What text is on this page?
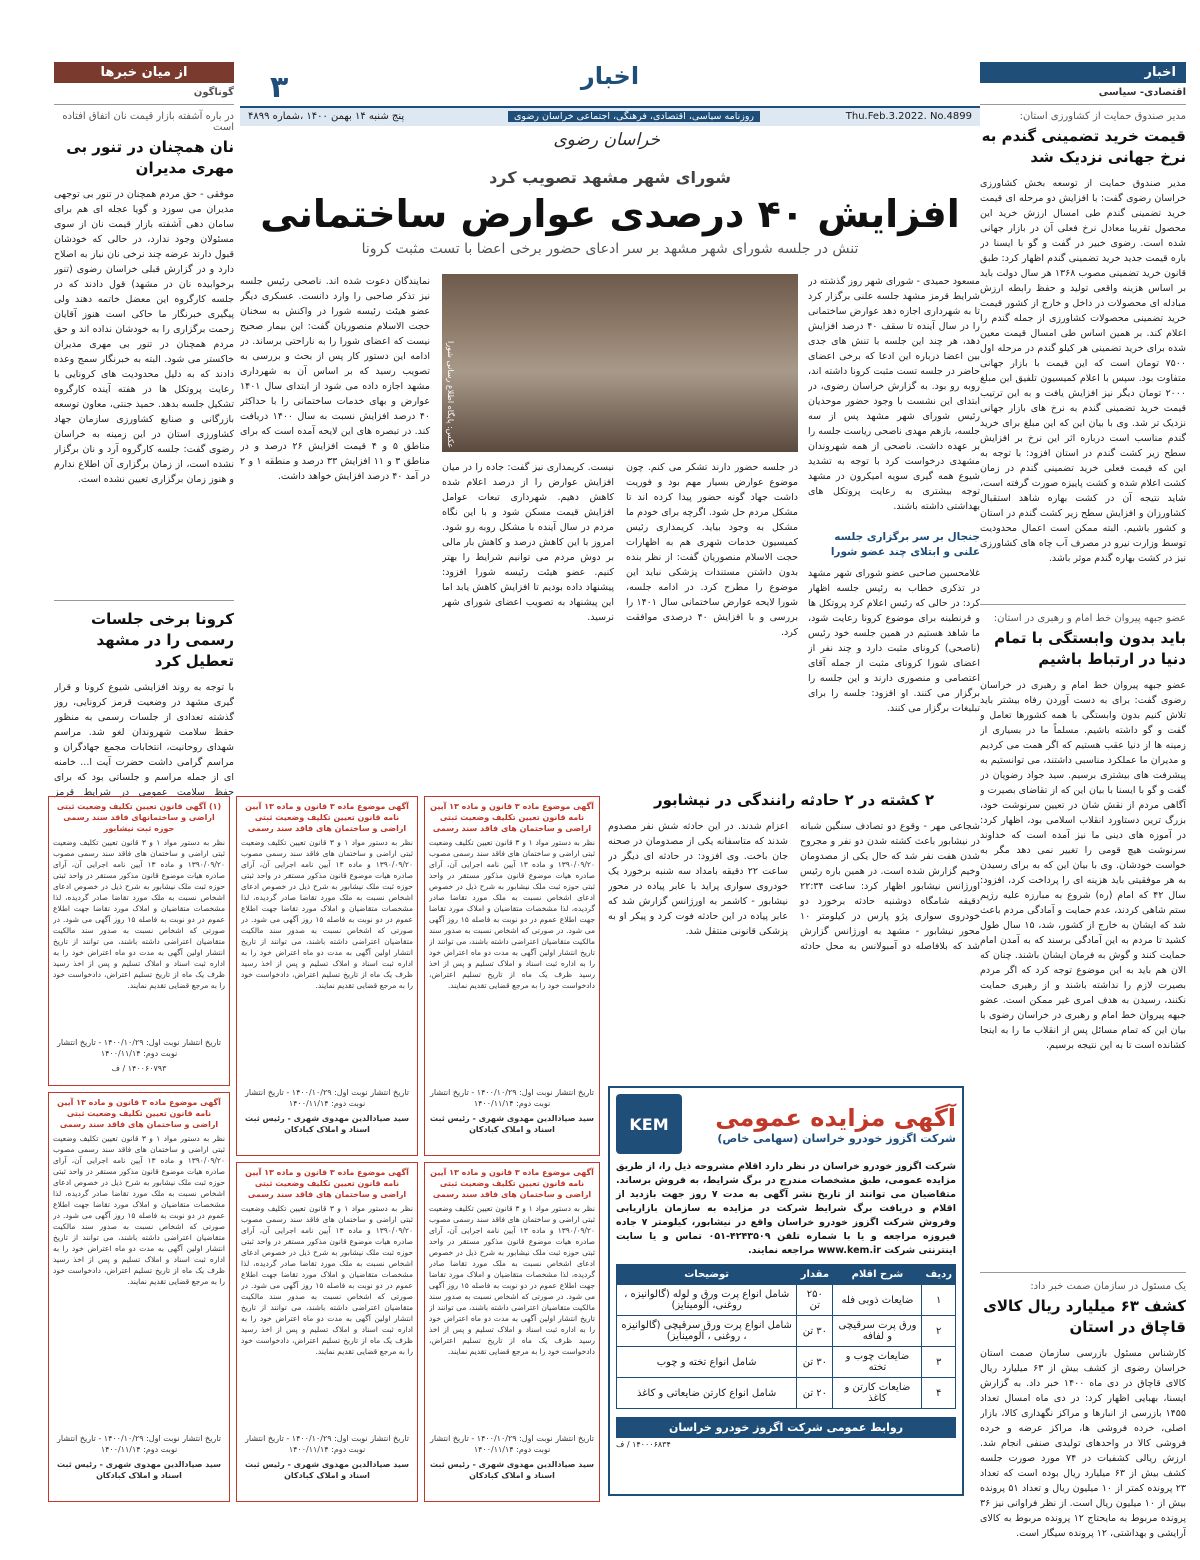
اخبار
۳
Thu.Feb.3.2022. No.4899
روزنامه سیاسی، اقتصادی، فرهنگی، اجتماعی خراسان رضوی
پنج شنبه ۱۴ بهمن ۱۴۰۰ ،شماره ۴۸۹۹
خراسان رضوی
اخبار
اقتصادی- سیاسی
مدیر صندوق حمایت از کشاورزی استان:
قیمت خرید تضمینی گندم به نرخ جهانی نزدیک شد
مدیر صندوق حمایت از توسعه بخش کشاورزی خراسان رضوی گفت: با افزایش دو مرحله ای قیمت خرید تضمینی گندم طی امسال ارزش خرید این محصول تقریبا معادل نرخ فعلی آن در بازار جهانی شده است. رضوی خبیر در گفت و گو با ایسنا در باره قیمت جدید خرید تضمینی گندم اظهار کرد: طبق قانون خرید تضمینی مصوب ۱۳۶۸ هر سال دولت باید بر اساس هزینه واقعی تولید و حفظ رابطه ارزش مبادله ای محصولات در داخل و خارج از کشور قیمت خرید تضمینی محصولات کشاورزی از جمله گندم را اعلام کند. بر همین اساس طی امسال قیمت معین شده برای خرید تضمینی هر کیلو گندم در مرحله اول ۷۵۰۰ تومان است که این قیمت با بازار جهانی متفاوت بود. سپس با اعلام کمیسیون تلفیق این مبلغ ۲۰۰۰ تومان دیگر نیز افزایش یافت و به این ترتیب قیمت خرید تضمینی گندم به نرخ های بازار جهانی نزدیک تر شد. وی با بیان این که این مبلغ برای خرید گندم مناسب است درباره اثر این نرخ بر افزایش سطح زیر کشت گندم در استان افزود: با توجه به این که قیمت فعلی خرید تضمینی گندم در زمان کشت اعلام شده و کشت پاییزه صورت گرفته است، شاید نتیجه آن در کشت بهاره شاهد استقبال کشاورزان و افزایش سطح زیر کشت گندم در استان و کشور باشیم. البته ممکن است اعمال محدودیت توسط وزارت نیرو در مصرف آب چاه های کشاورزی نیز در کشت بهاره گندم موثر باشد.
عضو جبهه پیروان خط امام و رهبری در استان:
باید بدون وابستگی با تمام دنیا در ارتباط باشیم
عضو جبهه پیروان خط امام و رهبری در خراسان رضوی گفت: برای به دست آوردن رفاه بیشتر باید تلاش کنیم بدون وابستگی با همه کشورها تعامل و گفت و گو داشته باشیم. مسلماً ما در بسیاری از زمینه ها از دنیا عقب هستیم که اگر همت می کردیم و مدیران ما عملکرد مناسبی داشتند، می توانستیم به پیشرفت های بیشتری برسیم. سید جواد رضویان در گفت و گو با ایسنا با بیان این که از تقاضای بصیرت و آگاهی مردم از نقش شان در تعیین سرنوشت خود، بزرگ ترین دستاورد انقلاب اسلامی بود، اظهار کرد: در آموزه های دینی ما نیز آمده است که خداوند سرنوشت هیچ قومی را تغییر نمی دهد مگر به خواست خودشان. وی با بیان این که به برای رسیدن به هر موفقیتی باید هزینه ای را پرداخت کرد، افزود: سال ۴۲ که امام (ره) شروع به مبارزه علیه رژیم ستم شاهی کردند، عدم حمایت و آمادگی مردم باعث شد که ایشان به خارج از کشور، شد، ۱۵ سال طول کشید تا مردم به این آمادگی برسند که به آمدن امام حمایت کنند و گوش به فرمان ایشان باشند. چنان که الان هم باید به این موضوع توجه کرد که اگر مردم بصیرت لازم را نداشته باشند و از رهبری حمایت نکنند، رسیدن به هدف امری غیر ممکن است. عضو جبهه پیروان خط امام و رهبری در خراسان رضوی با بیان این که تمام مسائل پس از انقلاب ما را به اینجا کشانده است تا به این نتیجه برسیم.
یک مسئول در سازمان صمت خبر داد:
کشف ۶۳ میلیارد ریال کالای قاچاق در استان
کارشناس مسئول بازرسی سازمان صمت استان خراسان رضوی از کشف بیش از ۶۳ میلیارد ریال کالای قاچاق در دی ماه ۱۴۰۰ خبر داد. به گزارش ایسنا، بهبایی اظهار کرد: در دی ماه امسال تعداد ۱۴۵۵ بازرسی از انبارها و مراکز نگهداری کالا، بازار اصلی، خرده فروشی ها، مراکز عرضه و خرده فروشی کالا در واحدهای تولیدی صنفی انجام شد. ارزش ریالی کشفیات در ۷۴ مورد صورت جلسه کشف بیش از ۶۳ میلیارد ریال بوده است که تعداد ۲۳ پرونده کمتر از ۱۰ میلیون ریال و تعداد ۵۱ پرونده بیش از ۱۰ میلیون ریال است. از نظر فراوانی نیز ۳۶ پرونده مربوط به مایحتاج ۱۲ پرونده مربوط به کالای آرایشی و بهداشتی، ۱۲ پرونده سیگار است.
از میان خبرها
گوناگون
در باره آشفته بازار قیمت نان اتفاق افتاده است
نان همچنان در تنور بی مهری مدیران
موفقی - حق مردم همچنان در تنور بی توجهی مدیران می سوزد و گویا عجله ای هم برای سامان دهی آشفته بازار قیمت نان از سوی مسئولان وجود ندارد، در حالی که خودشان قبول دارند عرضه چند نرخی نان نیاز به اصلاح دارد و در گزارش قبلی خراسان رضوی (تنور برخوابیده نان در مشهد) قول دادند که در جلسه کارگروه این معضل خاتمه دهند ولی پیگیری خبرنگار ما حاکی است هنوز آقایان زحمت برگزاری را به خودشان نداده اند و حق مردم همچنان در تنور بی مهری مدیران خاکستر می شود. البته به خبرنگار سمج وعده دادند که به دلیل محدودیت های کرونایی با رعایت پروتکل ها در هفته آینده کارگروه تشکیل جلسه بدهد. حمید جنتی، معاون توسعه بازرگانی و صنایع کشاورزی سازمان جهاد کشاورزی استان در این زمینه به خراسان رضوی گفت: جلسه کارگروه آرد و نان برگزار نشده است، از زمان برگزاری آن اطلاع ندارم و هنوز زمان برگزاری تعیین نشده است.
کرونا برخی جلسات رسمی را در مشهد تعطیل کرد
با توجه به روند افزایشی شیوع کرونا و قرار گیری مشهد در وضعیت قرمز کرونایی، روز گذشته تعدادی از جلسات رسمی به منظور حفظ سلامت شهروندان لغو شد. مراسم شهدای روحانیت، انتخابات مجمع جهادگران و مراسم گرامی داشت حضرت آیت ا... خامنه ای از جمله مراسم و جلساتی بود که برای حفظ سلامت عمومی در شرایط قرمز
شورای شهر مشهد تصویب کرد
افزایش ۴۰ درصدی عوارض ساختمانی
تنش در جلسه شورای شهر مشهد بر سر ادعای حضور برخی اعضا با تست مثبت کرونا
مسعود حمیدی - شورای شهر روز گذشته در شرایط قرمز مشهد جلسه علنی برگزار کرد تا به شهرداری اجازه دهد عوارض ساختمانی را در سال آینده تا سقف ۴۰ درصد افزایش دهد، هر چند این جلسه با تنش های جدی بین اعضا درباره این ادعا که برخی اعضای حاضر در جلسه تست مثبت کرونا داشته اند، روبه رو بود. به گزارش خراسان رضوی، در ابتدای این نشست با وجود حضور موحدیان رئیس شورای شهر مشهد پس از سه جلسه، بازهم مهدی ناصحی رياست جلسه را بر عهده داشت. ناصحی از همه شهروندان مشهدی درخواست کرد با توجه به تشدید شیوع همه گیری سویه امیکرون در مشهد توجه بیشتری به رعایت پروتکل های بهداشتی داشته باشند.
جنجال بر سر برگزاری جلسه علنی و ابتلای چند عضو شورا
غلامحسین صاحبی عضو شورای شهر مشهد در تذکری خطاب به رئیس جلسه اظهار کرد: در حالی که رئیس اعلام کرد پروتکل ها و قرنطینه برای موضوع کرونا رعایت شود، ما شاهد هستیم در همین جلسه خود رئیس (ناصحی) کرونای مثبت دارد و چند نفر از اعضای شورا کرونای مثبت از جمله آقای اعتصامی و منصوری دارند و این جلسه را برگزار می کنند. او افزود: جلسه را برای تبلیغات برگزار می کنند.
عکس: پایگاه اطلاع رسانی شورا
در جلسه حضور دارند تشکر می کنم. چون موضوع عوارض بسیار مهم بود و فوریت داشت جهاد گونه حضور پیدا کرده اند تا مشکل مردم حل شود. اگرچه برای خودم ما مشکل به وجود بیاید. کریمداری رئیس کمیسیون خدمات شهری هم به اظهارات حجت الاسلام منصوریان گفت: از نظر بنده بدون داشتن مستندات پزشکی نباید این موضوع را مطرح کرد. در ادامه جلسه، شورا لایحه عوارض ساختمانی سال ۱۴۰۱ را بررسی و با افزایش ۴۰ درصدی موافقت کرد.
نیست. کریمداری نیز گفت: جاده را در میان افزایش عوارض را از درصد اعلام شده کاهش دهیم. شهرداری تبعات عوامل افزایش قیمت مسکن شود و با این نگاه مردم در سال آینده با مشکل روبه رو شود. امروز با این کاهش درصد و کاهش بار مالی بر دوش مردم می توانیم شرایط را بهتر کنیم. عضو هیئت رئیسه شورا افزود: پیشنهاد داده بودیم تا افزایش کاهش یابد اما این پیشنهاد به تصویب اعضای شورای شهر نرسید.
نمایندگان دعوت شده اند. ناصحی رئیس جلسه نیز تذکر صاحبی را وارد دانست. عسکری دیگر عضو هیئت رئیسه شورا در واکنش به سخنان حجت الاسلام منصوریان گفت: این بیمار صحیح نیست که اعضای شورا را به ناراحتی برساند. در ادامه این دستور کار پس از بحث و بررسی به تصویب رسید که بر اساس آن به شهرداری مشهد اجازه داده می شود از ابتدای سال ۱۴۰۱ عوارض و بهای خدمات ساختمانی را با حداکثر ۴۰ درصد افزایش نسبت به سال ۱۴۰۰ دریافت کند. در تبصره های این لایحه آمده است که برای مناطق ۵ و ۴ قیمت افزایش ۲۶ درصد و در مناطق ۳ و ۱۱ افزایش ۳۳ درصد و منطقه ۱ و ۲ در آمد ۴۰ درصد افزایش خواهد داشت.
۲ کشته در ۲ حادثه رانندگی در نیشابور
شجاعی مهر - وقوع دو تصادف سنگین شبانه در نیشابور باعث کشته شدن دو نفر و مجروح شدن هفت نفر شد که حال یکی از مصدومان وخیم گزارش شده است. در همین باره رئیس اورژانس نیشابور اظهار کرد: ساعت ۲۲:۳۴ دقیقه شامگاه دوشنبه حادثه برخورد دو خودروی سواری پژو پارس در کیلومتر ۱۰ محور نیشابور - مشهد به اورژانس گزارش شد که بلافاصله دو آمبولانس به محل حادثه اعزام شدند. در این حادثه شش نفر مصدوم شدند که متاسفانه یکی از مصدومان در صحنه جان باخت. وی افزود: در حادثه ای دیگر در ساعت ۲۲ دقیقه بامداد سه شنبه برخورد یک خودروی سواری پراید با عابر پیاده در محور نیشابور - کاشمر به اورژانس گزارش شد که عابر پیاده در این حادثه فوت کرد و پیکر او به پزشکی قانونی منتقل شد.
آگهی مزایده عمومی
شرکت اگزوز خودرو خراسان (سهامی خاص)
KEM
شرکت اگزوز خودرو خراسان در نظر دارد اقلام مشروحه ذیل را، از طریق مزایده عمومی، طبق مشخصات مندرج در برگ شرایط، به فروش برساند. متقاضیان می توانند از تاریخ نشر آگهی به مدت ۷ روز جهت بازدید از اقلام و دریافت برگ شرایط شرکت در مزایده به سازمان بازاریابی وفروش شرکت اگزوز خودرو خراسان واقع در نیشابور، کیلومتر ۷ جاده فیروزه مراجعه و یا با شماره تلفن ۴۲۴۳۵۰۹-۰۵۱ تماس و یا سایت اینترنتی شرکت www.kem.ir مراجعه نمایند.
ردیف	شرح اقلام	مقدار	توضیحات
۱	ضایعات ذوبی فله	۲۵۰ تن	شامل انواع پرت ورق و لوله (گالوانیزه ، روغنی، آلومینایز)
۲	ورق پرت سرقیچی و لفافه	۳۰ تن	شامل انواع پرت ورق سرقیچی (گالوانیزه ، روغنی ، آلومینایز)
۳	ضایعات چوب و تخته	۳۰ تن	شامل انواع تخته و چوب
۴	ضایعات کارتن و کاغذ	۲۰ تن	شامل انواع کارتن ضایعاتی و کاغذ
روابط عمومی شرکت اگزوز خودرو خراسان
۱۴۰۰۰۶۸۳۴ / ف
آگهی موضوع ماده ۳ قانون و ماده ۱۳ آیین نامه قانون تعیین تکلیف وضعیت ثبتی اراضی و ساختمان های فاقد سند رسمی
نظر به دستور مواد ۱ و ۳ قانون تعیین تکلیف وضعیت ثبتی اراضی و ساختمان های فاقد سند رسمی مصوب ۱۳۹۰/۰۹/۲۰ و ماده ۱۳ آیین نامه اجرایی آن، آرای صادره هیات موضوع قانون مذکور مستقر در واحد ثبتی حوزه ثبت ملک نیشابور به شرح ذیل در خصوص ادعای اشخاص نسبت به ملک مورد تقاضا صادر گردیده، لذا مشخصات متقاضیان و املاک مورد تقاضا جهت اطلاع عموم در دو نوبت به فاصله ۱۵ روز آگهی می شود. در صورتی که اشخاص نسبت به صدور سند مالکیت متقاضیان اعتراضی داشته باشند، می توانند از تاریخ انتشار اولین آگهی به مدت دو ماه اعتراض خود را به اداره ثبت اسناد و املاک تسلیم و پس از اخذ رسید ظرف یک ماه از تاریخ تسلیم اعتراض، دادخواست خود را به مرجع قضایی تقدیم نمایند.
تاریخ انتشار نوبت اول: ۱۴۰۰/۱۰/۲۹ - تاریخ انتشار نوبت دوم: ۱۴۰۰/۱۱/۱۴
سید صیادالدین مهدوی شهری - رئیس ثبت اسناد و املاک کبادکان
آگهی موضوع ماده ۳ قانون و ماده ۱۳ آیین نامه قانون تعیین تکلیف وضعیت ثبتی اراضی و ساختمان های فاقد سند رسمی
نظر به دستور مواد ۱ و ۳ قانون تعیین تکلیف وضعیت ثبتی اراضی و ساختمان های فاقد سند رسمی مصوب ۱۳۹۰/۰۹/۲۰ و ماده ۱۳ آیین نامه اجرایی آن، آرای صادره هیات موضوع قانون مذکور مستقر در واحد ثبتی حوزه ثبت ملک نیشابور به شرح ذیل در خصوص ادعای اشخاص نسبت به ملک مورد تقاضا صادر گردیده، لذا مشخصات متقاضیان و املاک مورد تقاضا جهت اطلاع عموم در دو نوبت به فاصله ۱۵ روز آگهی می شود. در صورتی که اشخاص نسبت به صدور سند مالکیت متقاضیان اعتراضی داشته باشند، می توانند از تاریخ انتشار اولین آگهی به مدت دو ماه اعتراض خود را به اداره ثبت اسناد و املاک تسلیم و پس از اخذ رسید ظرف یک ماه از تاریخ تسلیم اعتراض، دادخواست خود را به مرجع قضایی تقدیم نمایند.
تاریخ انتشار نوبت اول: ۱۴۰۰/۱۰/۲۹ - تاریخ انتشار نوبت دوم: ۱۴۰۰/۱۱/۱۴
سید صیادالدین مهدوی شهری - رئیس ثبت اسناد و املاک کبادکان
(۱) آگهی قانون تعیین تکلیف وضعیت ثبتی اراضی و ساختمانهای فاقد سند رسمی حوزه ثبت نیشابور
نظر به دستور مواد ۱ و ۳ قانون تعیین تکلیف وضعیت ثبتی اراضی و ساختمان های فاقد سند رسمی مصوب ۱۳۹۰/۰۹/۲۰ و ماده ۱۳ آیین نامه اجرایی آن، آرای صادره هیات موضوع قانون مذکور مستقر در واحد ثبتی حوزه ثبت ملک نیشابور به شرح ذیل در خصوص ادعای اشخاص نسبت به ملک مورد تقاضا صادر گردیده، لذا مشخصات متقاضیان و املاک مورد تقاضا جهت اطلاع عموم در دو نوبت به فاصله ۱۵ روز آگهی می شود. در صورتی که اشخاص نسبت به صدور سند مالکیت متقاضیان اعتراضی داشته باشند، می توانند از تاریخ انتشار اولین آگهی به مدت دو ماه اعتراض خود را به اداره ثبت اسناد و املاک تسلیم و پس از اخذ رسید ظرف یک ماه از تاریخ تسلیم اعتراض، دادخواست خود را به مرجع قضایی تقدیم نمایند.
تاریخ انتشار نوبت اول: ۱۴۰۰/۱۰/۲۹ - تاریخ انتشار نوبت دوم: ۱۴۰۰/۱۱/۱۴
۱۴۰۰۶۰۷۹۳ / ف
آگهی موضوع ماده ۳ قانون و ماده ۱۳ آیین نامه قانون تعیین تکلیف وضعیت ثبتی اراضی و ساختمان های فاقد سند رسمی
نظر به دستور مواد ۱ و ۳ قانون تعیین تکلیف وضعیت ثبتی اراضی و ساختمان های فاقد سند رسمی مصوب ۱۳۹۰/۰۹/۲۰ و ماده ۱۳ آیین نامه اجرایی آن، آرای صادره هیات موضوع قانون مذکور مستقر در واحد ثبتی حوزه ثبت ملک نیشابور به شرح ذیل در خصوص ادعای اشخاص نسبت به ملک مورد تقاضا صادر گردیده، لذا مشخصات متقاضیان و املاک مورد تقاضا جهت اطلاع عموم در دو نوبت به فاصله ۱۵ روز آگهی می شود. در صورتی که اشخاص نسبت به صدور سند مالکیت متقاضیان اعتراضی داشته باشند، می توانند از تاریخ انتشار اولین آگهی به مدت دو ماه اعتراض خود را به اداره ثبت اسناد و املاک تسلیم و پس از اخذ رسید ظرف یک ماه از تاریخ تسلیم اعتراض، دادخواست خود را به مرجع قضایی تقدیم نمایند.
تاریخ انتشار نوبت اول: ۱۴۰۰/۱۰/۲۹ - تاریخ انتشار نوبت دوم: ۱۴۰۰/۱۱/۱۴
سید صیادالدین مهدوی شهری - رئیس ثبت اسناد و املاک کبادکان
آگهی موضوع ماده ۳ قانون و ماده ۱۳ آیین نامه قانون تعیین تکلیف وضعیت ثبتی اراضی و ساختمان های فاقد سند رسمی
نظر به دستور مواد ۱ و ۳ قانون تعیین تکلیف وضعیت ثبتی اراضی و ساختمان های فاقد سند رسمی مصوب ۱۳۹۰/۰۹/۲۰ و ماده ۱۳ آیین نامه اجرایی آن، آرای صادره هیات موضوع قانون مذکور مستقر در واحد ثبتی حوزه ثبت ملک نیشابور به شرح ذیل در خصوص ادعای اشخاص نسبت به ملک مورد تقاضا صادر گردیده، لذا مشخصات متقاضیان و املاک مورد تقاضا جهت اطلاع عموم در دو نوبت به فاصله ۱۵ روز آگهی می شود. در صورتی که اشخاص نسبت به صدور سند مالکیت متقاضیان اعتراضی داشته باشند، می توانند از تاریخ انتشار اولین آگهی به مدت دو ماه اعتراض خود را به اداره ثبت اسناد و املاک تسلیم و پس از اخذ رسید ظرف یک ماه از تاریخ تسلیم اعتراض، دادخواست خود را به مرجع قضایی تقدیم نمایند.
تاریخ انتشار نوبت اول: ۱۴۰۰/۱۰/۲۹ - تاریخ انتشار نوبت دوم: ۱۴۰۰/۱۱/۱۴
سید صیادالدین مهدوی شهری - رئیس ثبت اسناد و املاک کبادکان
آگهی موضوع ماده ۳ قانون و ماده ۱۳ آیین نامه قانون تعیین تکلیف وضعیت ثبتی اراضی و ساختمان های فاقد سند رسمی
نظر به دستور مواد ۱ و ۳ قانون تعیین تکلیف وضعیت ثبتی اراضی و ساختمان های فاقد سند رسمی مصوب ۱۳۹۰/۰۹/۲۰ و ماده ۱۳ آیین نامه اجرایی آن، آرای صادره هیات موضوع قانون مذکور مستقر در واحد ثبتی حوزه ثبت ملک نیشابور به شرح ذیل در خصوص ادعای اشخاص نسبت به ملک مورد تقاضا صادر گردیده، لذا مشخصات متقاضیان و املاک مورد تقاضا جهت اطلاع عموم در دو نوبت به فاصله ۱۵ روز آگهی می شود. در صورتی که اشخاص نسبت به صدور سند مالکیت متقاضیان اعتراضی داشته باشند، می توانند از تاریخ انتشار اولین آگهی به مدت دو ماه اعتراض خود را به اداره ثبت اسناد و املاک تسلیم و پس از اخذ رسید ظرف یک ماه از تاریخ تسلیم اعتراض، دادخواست خود را به مرجع قضایی تقدیم نمایند.
تاریخ انتشار نوبت اول: ۱۴۰۰/۱۰/۲۹ - تاریخ انتشار نوبت دوم: ۱۴۰۰/۱۱/۱۴
سید صیادالدین مهدوی شهری - رئیس ثبت اسناد و املاک کبادکان
